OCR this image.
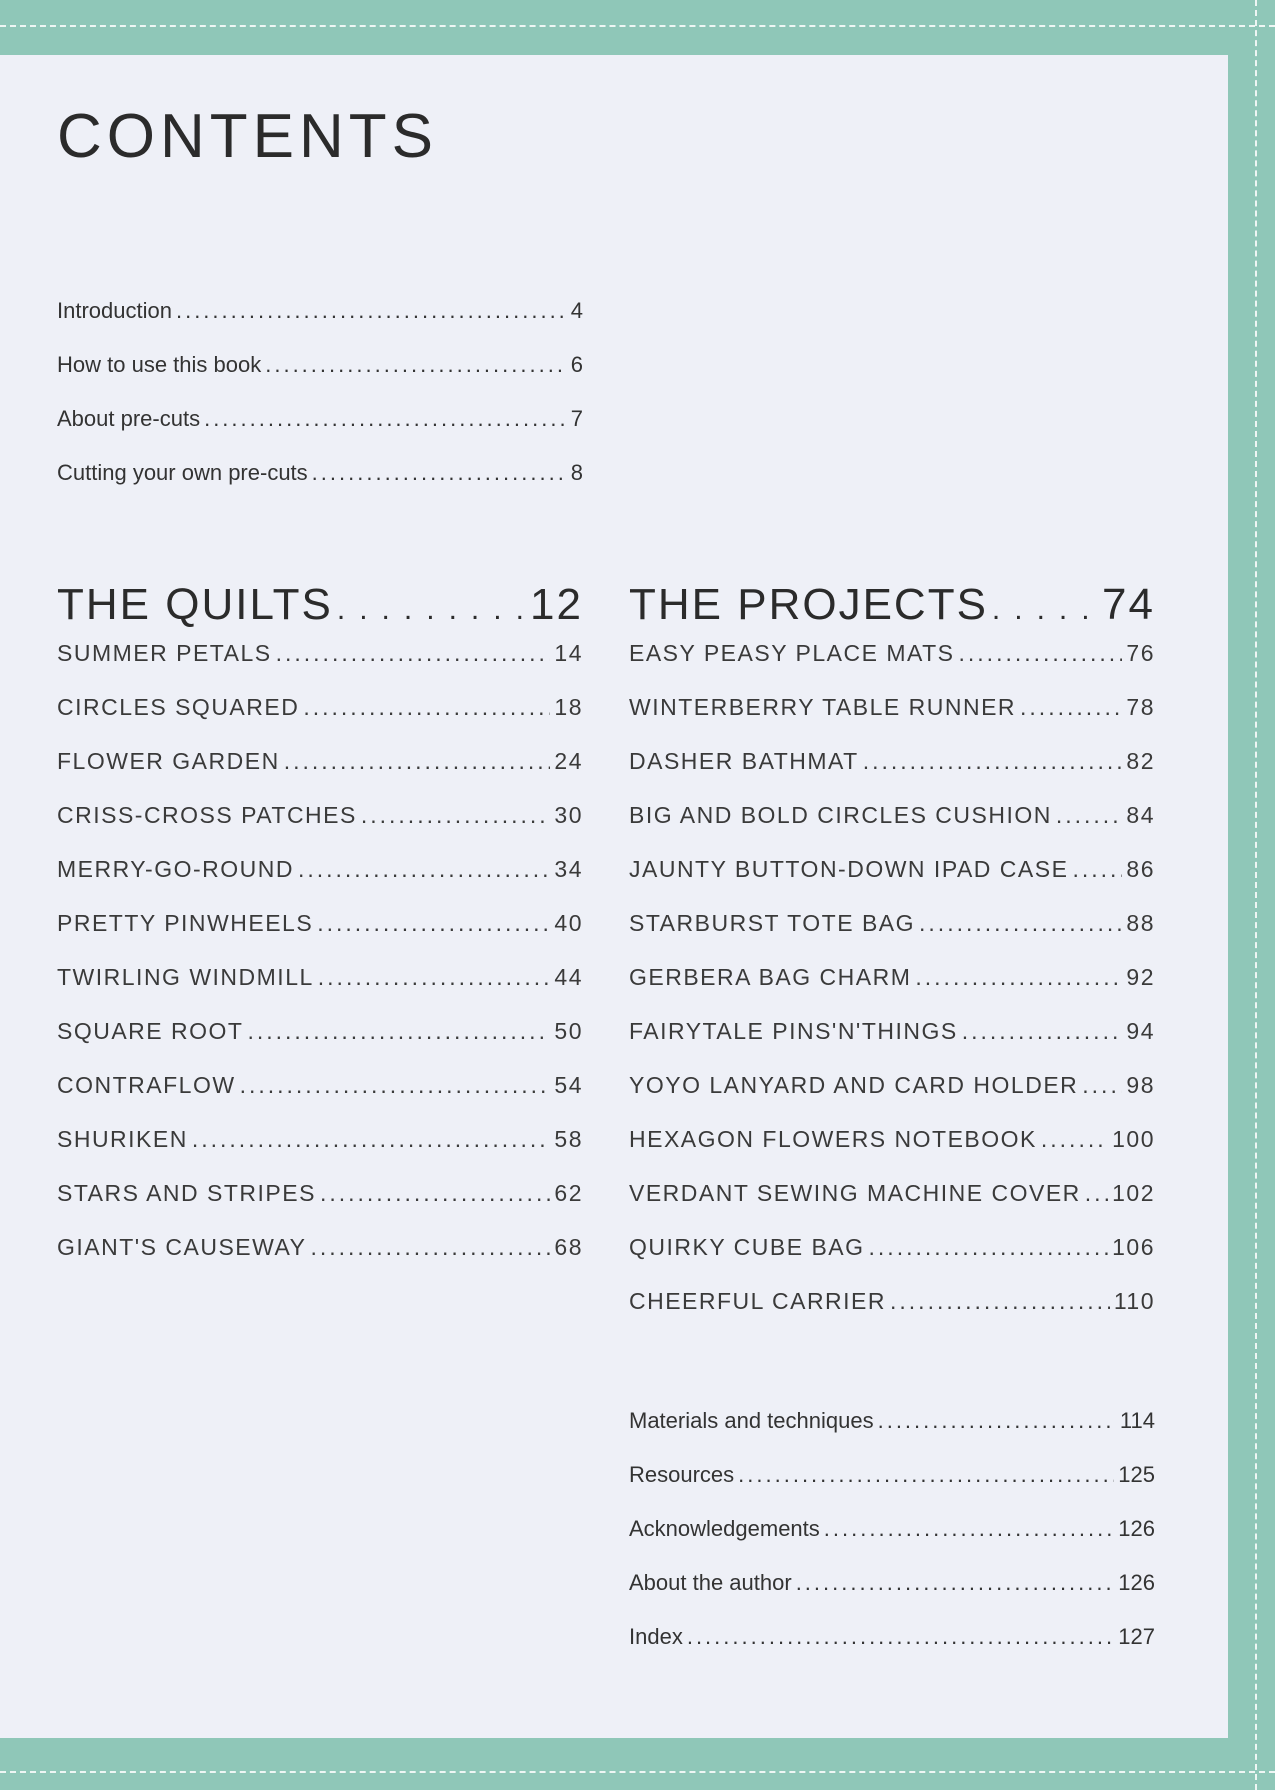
CONTENTS
Introduction .....	4
How to use this book .....	6
About pre-cuts .....	7
Cutting your own pre-cuts .....	8
THE QUILTS .....	12
SUMMER PETALS .....	14
CIRCLES SQUARED .....	18
FLOWER GARDEN .....	24
CRISS-CROSS PATCHES .....	30
MERRY-GO-ROUND .....	34
PRETTY PINWHEELS .....	40
TWIRLING WINDMILL .....	44
SQUARE ROOT .....	50
CONTRAFLOW .....	54
SHURIKEN .....	58
STARS AND STRIPES .....	62
GIANT'S CAUSEWAY .....	68
THE PROJECTS .....	74
EASY PEASY PLACE MATS .....	76
WINTERBERRY TABLE RUNNER .....	78
DASHER BATHMAT .....	82
BIG AND BOLD CIRCLES CUSHION .....	84
JAUNTY BUTTON-DOWN IPAD CASE .....	86
STARBURST TOTE BAG .....	88
GERBERA BAG CHARM .....	92
FAIRYTALE PINS'N'THINGS .....	94
YOYO LANYARD AND CARD HOLDER ..... 98
HEXAGON FLOWERS NOTEBOOK .....	100
VERDANT SEWING MACHINE COVER ..... 102
QUIRKY CUBE BAG .....	106
CHEERFUL CARRIER .....	110
Materials and techniques .....	114
Resources .....	125
Acknowledgements .....	126
About the author .....	126
Index .....	127
